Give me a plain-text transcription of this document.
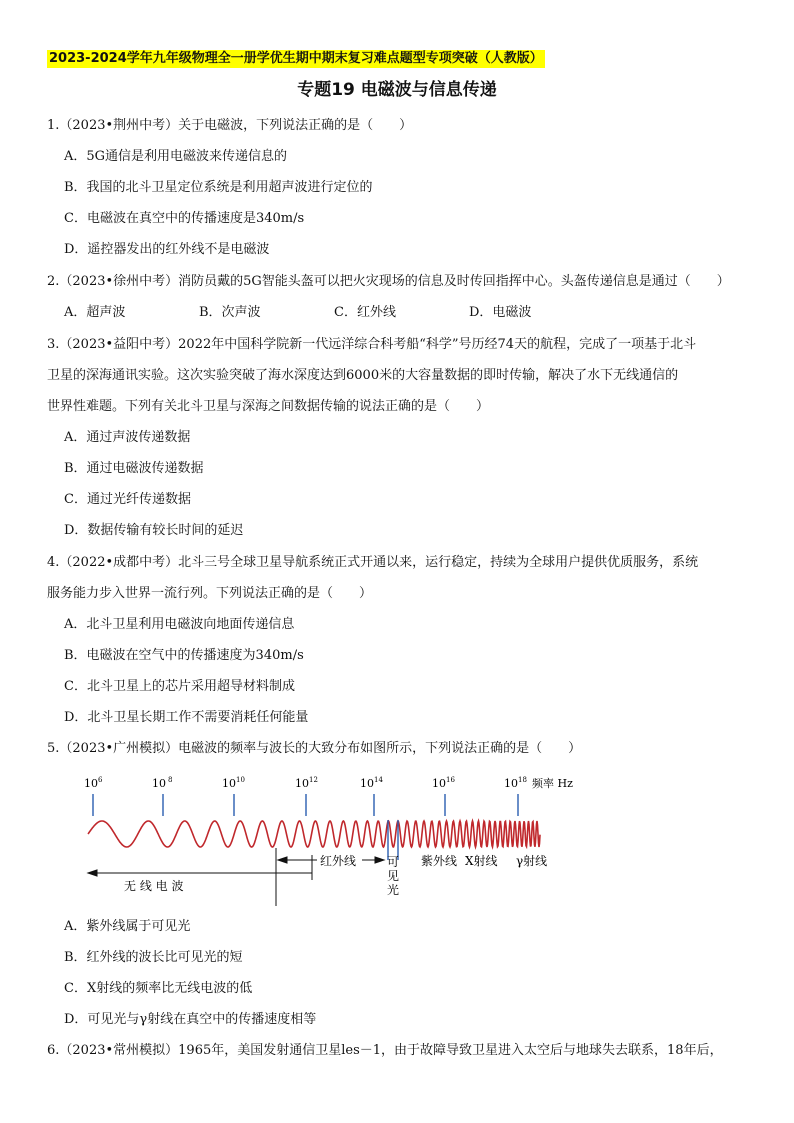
2023-2024学年九年级物理全一册学优生期中期末复习难点题型专项突破（人教版）
专题19 电磁波与信息传递
1.（2023•荆州中考）关于电磁波，下列说法正确的是（　　）
A．5G通信是利用电磁波来传递信息的
B．我国的北斗卫星定位系统是利用超声波进行定位的
C．电磁波在真空中的传播速度是340m/s
D．遥控器发出的红外线不是电磁波
2.（2023•徐州中考）消防员戴的5G智能头盔可以把火灾现场的信息及时传回指挥中心。头盔传递信息是通过（　　）
A．超声波	B．次声波	C．红外线	D．电磁波
3.（2023•益阳中考）2022年中国科学院新一代远洋综合科考船“科学”号历经74天的航程，完成了一项基于北斗
卫星的深海通讯实验。这次实验突破了海水深度达到6000米的大容量数据的即时传输，解决了水下无线通信的
世界性难题。下列有关北斗卫星与深海之间数据传输的说法正确的是（　　）
A．通过声波传递数据
B．通过电磁波传递数据
C．通过光纤传递数据
D．数据传输有较长时间的延迟
4.（2022•成都中考）北斗三号全球卫星导航系统正式开通以来，运行稳定，持续为全球用户提供优质服务，系统
服务能力步入世界一流行列。下列说法正确的是（　　）
A．北斗卫星利用电磁波向地面传递信息
B．电磁波在空气中的传播速度为340m/s
C．北斗卫星上的芯片采用超导材料制成
D．北斗卫星长期工作不需要消耗任何能量
5.（2023•广州模拟）电磁波的频率与波长的大致分布如图所示，下列说法正确的是（　　）
$10^6$	10 $^8$	$10^{10}$	$10^{12}$	$10^{14}$	$10^{16}$	$10^{18}$ 频率 Hz
无 线 电 波
红外线	可
见
光
紫外线 X射线 γ射线
A．紫外线属于可见光
B．红外线的波长比可见光的短
C．X射线的频率比无线电波的低
D．可见光与γ射线在真空中的传播速度相等
6.（2023•常州模拟）1965年，美国发射通信卫星les－1，由于故障导致卫星进入太空后与地球失去联系，18年后，
